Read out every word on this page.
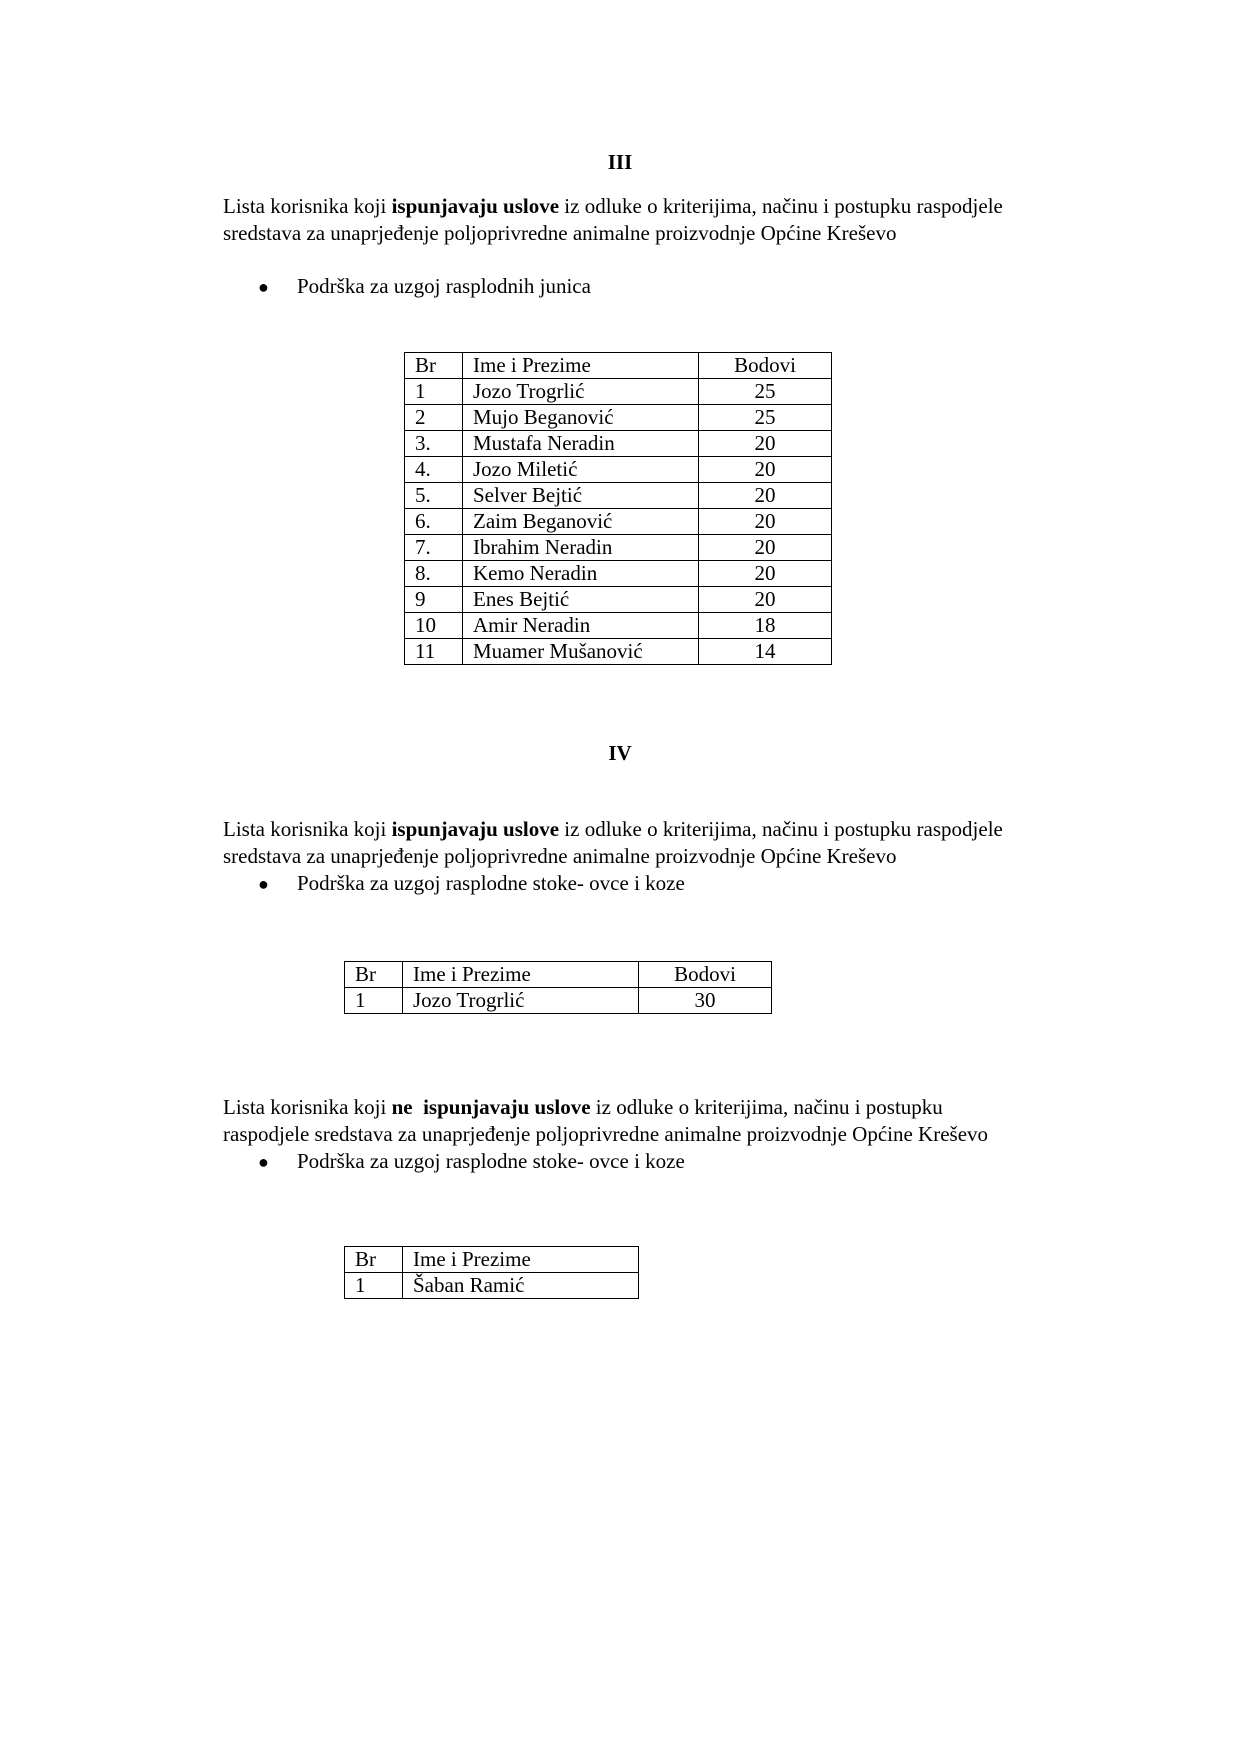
III
Lista korisnika koji ispunjavaju uslove iz odluke o kriterijima, načinu i postupku raspodjele
sredstava za unaprjeđenje poljoprivredne animalne proizvodnje Općine Kreševo
● Podrška za uzgoj rasplodnih junica
Br	Ime i Prezime	Bodovi
1	Jozo Trogrlić	25
2	Mujo Beganović	25
3.	Mustafa Neradin	20
4.	Jozo Miletić	20
5.	Selver Bejtić	20
6.	Zaim Beganović	20
7.	Ibrahim Neradin	20
8.	Kemo Neradin	20
9	Enes Bejtić	20
10	Amir Neradin	18
11	Muamer Mušanović	14
IV
Lista korisnika koji ispunjavaju uslove iz odluke o kriterijima, načinu i postupku raspodjele
sredstava za unaprjeđenje poljoprivredne animalne proizvodnje Općine Kreševo
● Podrška za uzgoj rasplodne stoke- ovce i koze
Br	Ime i Prezime	Bodovi
1	Jozo Trogrlić	30
Lista korisnika koji ne  ispunjavaju uslove iz odluke o kriterijima, načinu i postupku
raspodjele sredstava za unaprjeđenje poljoprivredne animalne proizvodnje Općine Kreševo
● Podrška za uzgoj rasplodne stoke- ovce i koze
Br	Ime i Prezime
1	Šaban Ramić
